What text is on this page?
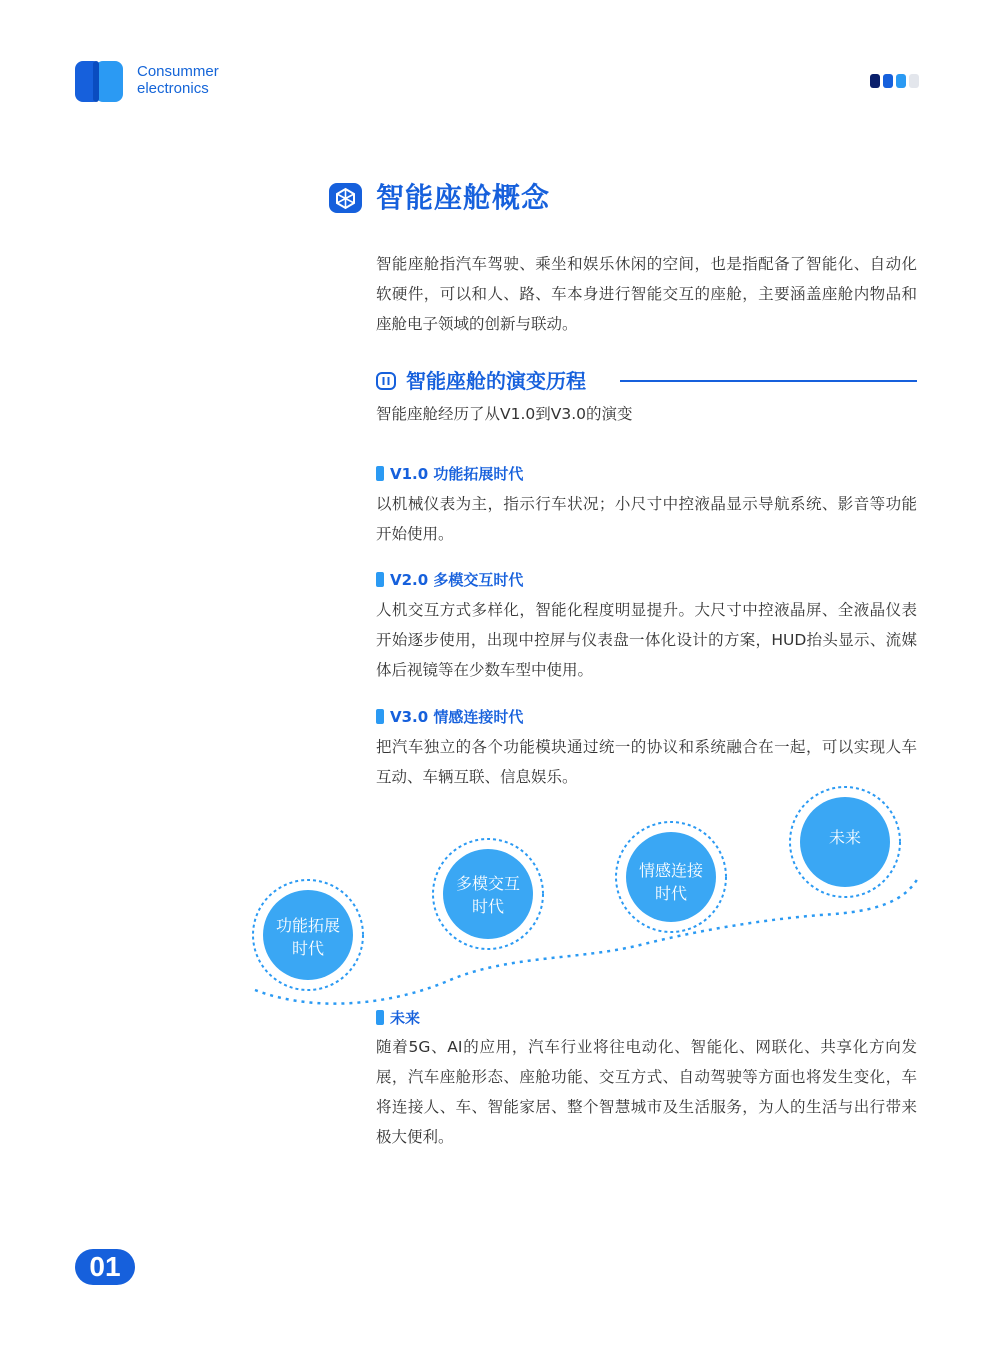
Consummer
electronics
智能座舱概念
智能座舱指汽车驾驶、乘坐和娱乐休闲的空间，也是指配备了智能化、自动化软硬件，可以和人、路、车本身进行智能交互的座舱，主要涵盖座舱内物品和座舱电子领域的创新与联动。
智能座舱的演变历程
智能座舱经历了从V1.0到V3.0的演变
V1.0 功能拓展时代
以机械仪表为主，指示行车状况；小尺寸中控液晶显示导航系统、影音等功能开始使用。
V2.0 多模交互时代
人机交互方式多样化，智能化程度明显提升。大尺寸中控液晶屏、全液晶仪表开始逐步使用，出现中控屏与仪表盘一体化设计的方案，HUD抬头显示、流媒体后视镜等在少数车型中使用。
V3.0 情感连接时代
把汽车独立的各个功能模块通过统一的协议和系统融合在一起，可以实现人车互动、车辆互联、信息娱乐。
功能拓展
时代
多模交互
时代
情感连接
时代
未来
未来
随着5G、AI的应用，汽车行业将往电动化、智能化、网联化、共享化方向发展，汽车座舱形态、座舱功能、交互方式、自动驾驶等方面也将发生变化，车将连接人、车、智能家居、整个智慧城市及生活服务，为人的生活与出行带来极大便利。
01
